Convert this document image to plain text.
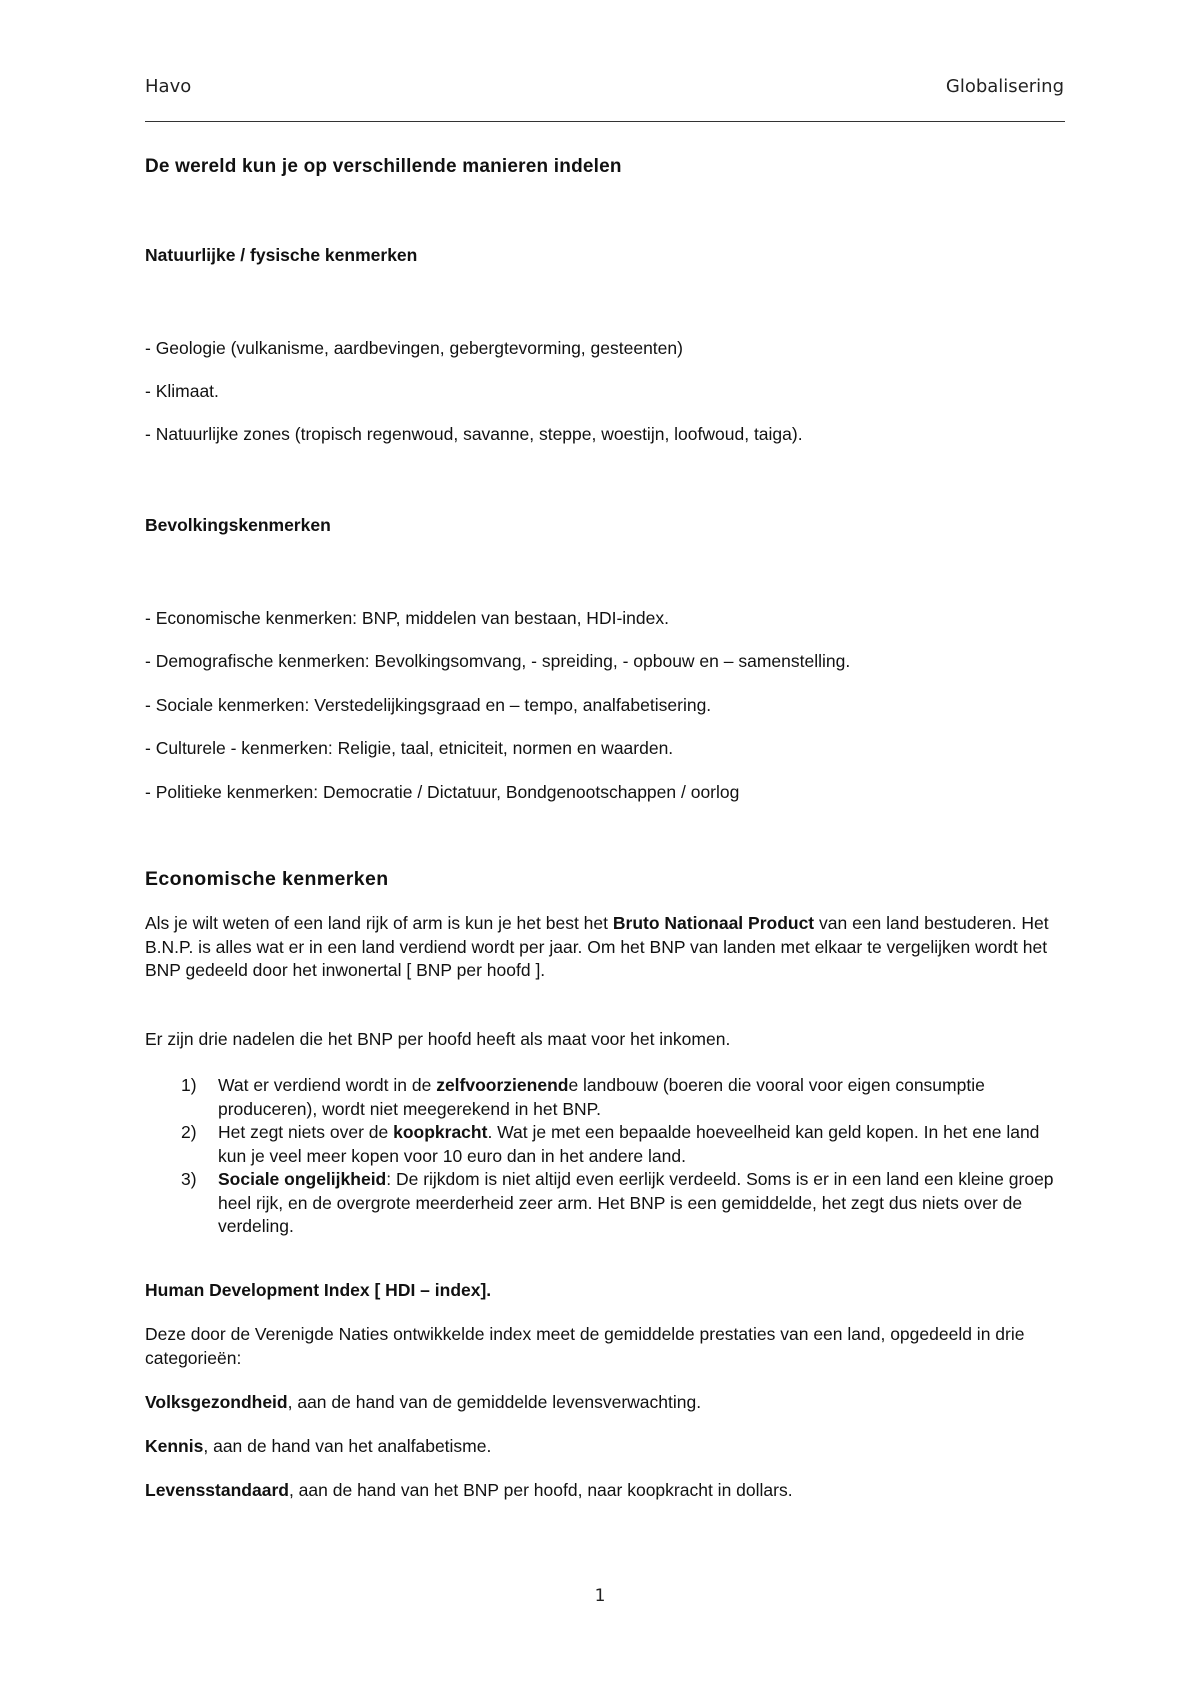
Havo	Globalisering
De wereld kun je op verschillende manieren indelen
Natuurlijke / fysische kenmerken
- Geologie (vulkanisme, aardbevingen, gebergtevorming, gesteenten)
- Klimaat.
- Natuurlijke zones (tropisch regenwoud, savanne, steppe, woestijn, loofwoud, taiga).
Bevolkingskenmerken
- Economische kenmerken: BNP, middelen van bestaan, HDI-index.
- Demografische kenmerken: Bevolkingsomvang, - spreiding, - opbouw en – samenstelling.
- Sociale kenmerken: Verstedelijkingsgraad en – tempo, analfabetisering.
- Culturele - kenmerken: Religie, taal, etniciteit, normen en waarden.
- Politieke kenmerken: Democratie / Dictatuur, Bondgenootschappen / oorlog
Economische kenmerken
Als je wilt weten of een land rijk of arm is kun je het best het Bruto Nationaal Product van een land bestuderen. Het B.N.P. is alles wat er in een land verdiend wordt per jaar. Om het BNP van landen met elkaar te vergelijken wordt het BNP gedeeld door het inwonertal [ BNP per hoofd ].
Er zijn drie nadelen die het BNP per hoofd heeft als maat voor het inkomen.
1) Wat er verdiend wordt in de zelfvoorzienende landbouw (boeren die vooral voor eigen consumptie produceren), wordt niet meegerekend in het BNP.
2) Het zegt niets over de koopkracht. Wat je met een bepaalde hoeveelheid kan geld kopen. In het ene land kun je veel meer kopen voor 10 euro dan in het andere land.
3) Sociale ongelijkheid: De rijkdom is niet altijd even eerlijk verdeeld. Soms is er in een land een kleine groep heel rijk, en de overgrote meerderheid zeer arm. Het BNP is een gemiddelde, het zegt dus niets over de verdeling.
Human Development Index [ HDI – index].
Deze door de Verenigde Naties ontwikkelde index meet de gemiddelde prestaties van een land, opgedeeld in drie categorieën:
Volksgezondheid, aan de hand van de gemiddelde levensverwachting.
Kennis, aan de hand van het analfabetisme.
Levensstandaard, aan de hand van het BNP per hoofd, naar koopkracht in dollars.
1
